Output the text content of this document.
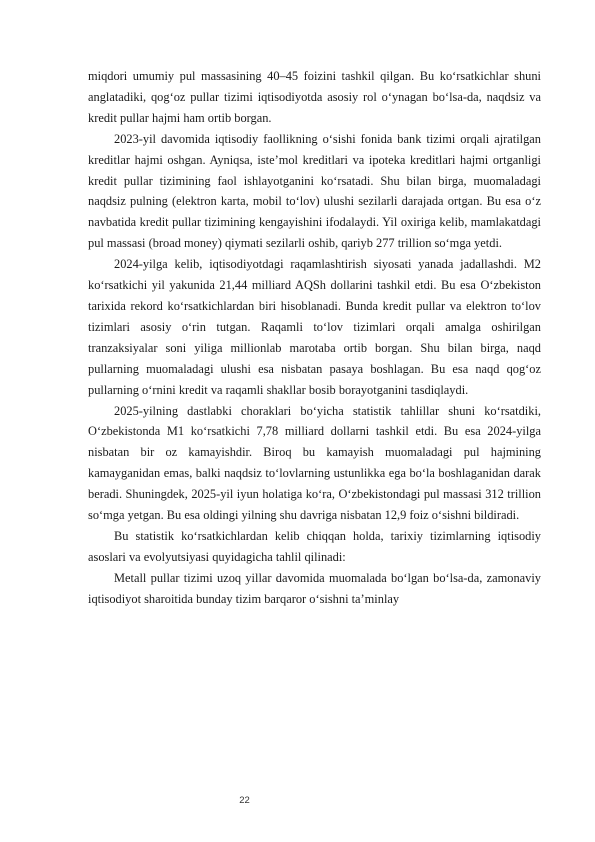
miqdori umumiy pul massasining 40–45 foizini tashkil qilgan. Bu ko‘rsatkichlar shuni anglatadiki, qog‘oz pullar tizimi iqtisodiyotda asosiy rol o‘ynagan bo‘lsa-da, naqdsiz va kredit pullar hajmi ham ortib borgan.

2023-yil davomida iqtisodiy faollikning o‘sishi fonida bank tizimi orqali ajratilgan kreditlar hajmi oshgan. Ayniqsa, iste’mol kreditlari va ipoteka kreditlari hajmi ortganligi kredit pullar tizimining faol ishlayotganini ko‘rsatadi. Shu bilan birga, muomaladagi naqdsiz pulning (elektron karta, mobil to‘lov) ulushi sezilarli darajada ortgan. Bu esa o‘z navbatida kredit pullar tizimining kengayishini ifodalaydi. Yil oxiriga kelib, mamlakatdagi pul massasi (broad money) qiymati sezilarli oshib, qariyb 277 trillion so‘mga yetdi.

2024-yilga kelib, iqtisodiyotdagi raqamlashtirish siyosati yanada jadallashdi. M2 ko‘rsatkichi yil yakunida 21,44 milliard AQSh dollarini tashkil etdi. Bu esa O‘zbekiston tarixida rekord ko‘rsatkichlardan biri hisoblanadi. Bunda kredit pullar va elektron to‘lov tizimlari asosiy o‘rin tutgan. Raqamli to‘lov tizimlari orqali amalga oshirilgan tranzaksiyalar soni yiliga millionlab marotaba ortib borgan. Shu bilan birga, naqd pullarning muomaladagi ulushi esa nisbatan pasaya boshlagan. Bu esa naqd qog‘oz pullarning o‘rnini kredit va raqamli shakllar bosib borayotganini tasdiqlaydi.

2025-yilning dastlabki choraklari bo‘yicha statistik tahlillar shuni ko‘rsatdiki, O‘zbekistonda M1 ko‘rsatkichi 7,78 milliard dollarni tashkil etdi. Bu esa 2024-yilga nisbatan bir oz kamayishdir. Biroq bu kamayish muomaladagi pul hajmining kamayganidan emas, balki naqdsiz to‘lovlarning ustunlikka ega bo‘la boshlaganidan darak beradi. Shuningdek, 2025-yil iyun holatiga ko‘ra, O‘zbekistondagi pul massasi 312 trillion so‘mga yetgan. Bu esa oldingi yilning shu davriga nisbatan 12,9 foiz o‘sishni bildiradi.

Bu statistik ko‘rsatkichlardan kelib chiqqan holda, tarixiy tizimlarning iqtisodiy asoslari va evolyutsiyasi quyidagicha tahlil qilinadi:

Metall pullar tizimi uzoq yillar davomida muomalada bo‘lgan bo‘lsa-da, zamonaviy iqtisodiyot sharoitida bunday tizim barqaror o‘sishni ta’minlay

22
